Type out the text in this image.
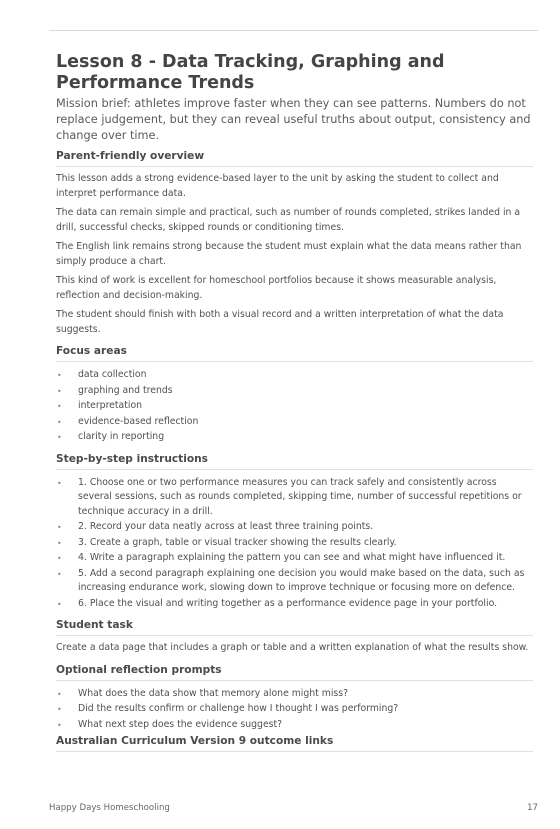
Lesson 8 - Data Tracking, Graphing and Performance Trends

Mission brief: athletes improve faster when they can see patterns. Numbers do not replace judgement, but they can reveal useful truths about output, consistency and change over time.

Parent-friendly overview

This lesson adds a strong evidence-based layer to the unit by asking the student to collect and interpret performance data.

The data can remain simple and practical, such as number of rounds completed, strikes landed in a drill, successful checks, skipped rounds or conditioning times.

The English link remains strong because the student must explain what the data means rather than simply produce a chart.

This kind of work is excellent for homeschool portfolios because it shows measurable analysis, reflection and decision-making.

The student should finish with both a visual record and a written interpretation of what the data suggests.

Focus areas
• data collection
• graphing and trends
• interpretation
• evidence-based reflection
• clarity in reporting
Step-by-step instructions
• 1. Choose one or two performance measures you can track safely and consistently across several sessions, such as rounds completed, skipping time, number of successful repetitions or technique accuracy in a drill.
• 2. Record your data neatly across at least three training points.
• 3. Create a graph, table or visual tracker showing the results clearly.
• 4. Write a paragraph explaining the pattern you can see and what might have influenced it.
• 5. Add a second paragraph explaining one decision you would make based on the data, such as increasing endurance work, slowing down to improve technique or focusing more on defence.
• 6. Place the visual and writing together as a performance evidence page in your portfolio.
Student task

Create a data page that includes a graph or table and a written explanation of what the results show.

Optional reflection prompts
• What does the data show that memory alone might miss?
• Did the results confirm or challenge how I thought I was performing?
• What next step does the evidence suggest?
Australian Curriculum Version 9 outcome links
Happy Days Homeschooling	17
